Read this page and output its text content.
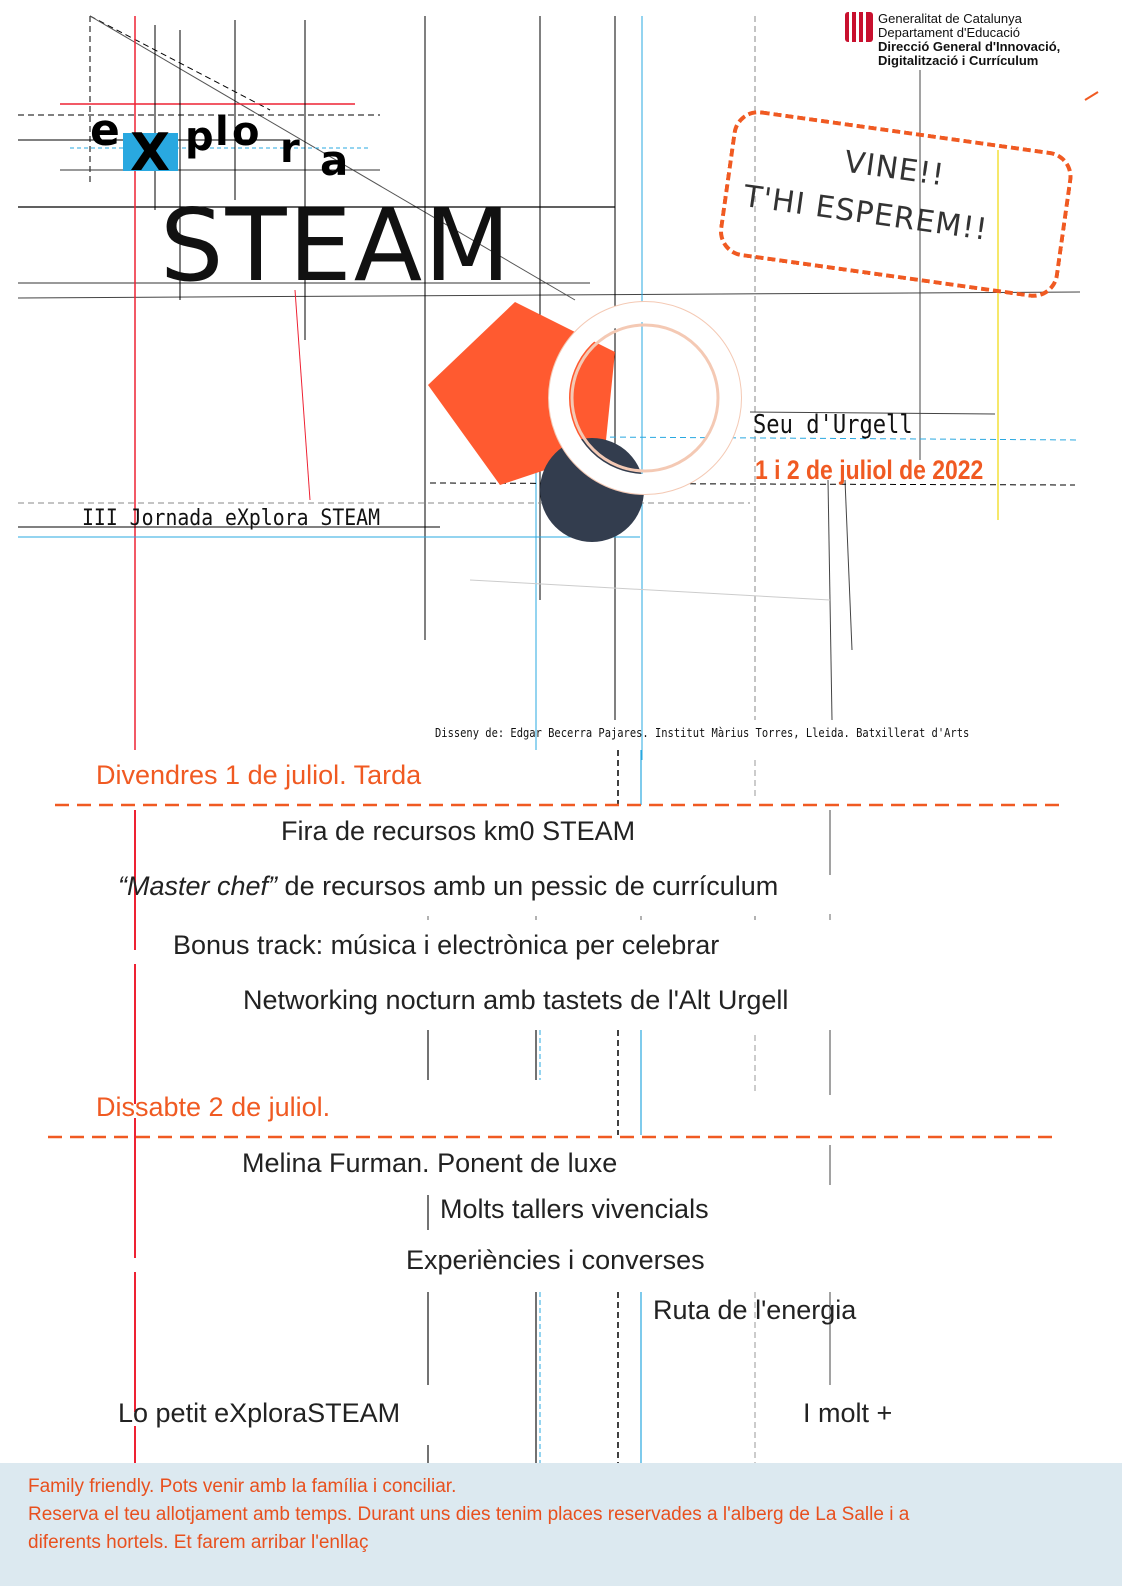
Generalitat de Catalunya
Departament d'Educació
Direcció General d'Innovació,
Digitalització i Currículum
e X p l o r a
STEAM
VINE!!
T'HI ESPEREM!!
Seu d'Urgell
1 i 2 de juliol de 2022
III Jornada eXplora STEAM
Disseny de: Edgar Becerra Pajares. Institut Màrius Torres, Lleida. Batxillerat d'Arts
Divendres 1 de juliol. Tarda
Fira de recursos km0 STEAM
“Master chef” de recursos amb un pessic de currículum
Bonus track: música i electrònica per celebrar
Networking nocturn amb tastets de l'Alt Urgell
Dissabte 2 de juliol.
Melina Furman. Ponent de luxe
Molts tallers vivencials
Experiències i converses
Ruta de l'energia
Lo petit eXploraSTEAM	I molt +

Family friendly. Pots venir amb la família i conciliar.

Reserva el teu allotjament amb temps. Durant uns dies tenim places reservades a l'alberg de La Salle i a

diferents hortels. Et farem arribar l'enllaç
